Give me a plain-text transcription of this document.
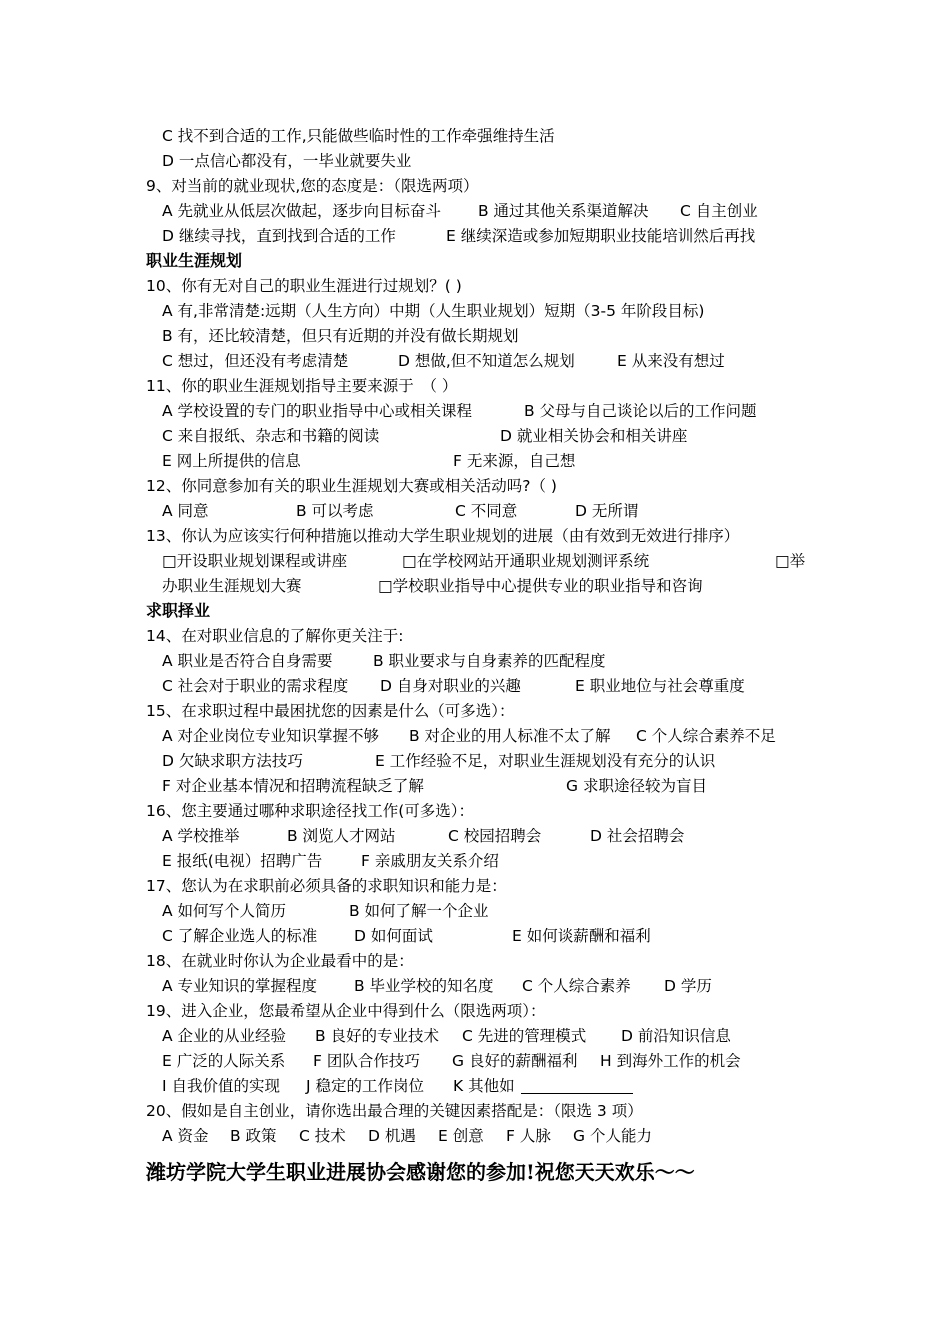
C 找不到合适的工作,只能做些临时性的工作牵强维持生活
D 一点信心都没有，一毕业就要失业
9、对当前的就业现状,您的态度是：（限选两项）
A 先就业从低层次做起，逐步向目标奋斗 B 通过其他关系渠道解决 C 自主创业
D 继续寻找，直到找到合适的工作	E 继续深造或参加短期职业技能培训然后再找
职业生涯规划
10、你有无对自己的职业生涯进行过规划？( )
A 有,非常清楚:远期（人生方向）中期（人生职业规划）短期（3-5 年阶段目标)
B 有，还比较清楚，但只有近期的并没有做长期规划
C 想过，但还没有考虑清楚	D 想做,但不知道怎么规划	E 从来没有想过
11、你的职业生涯规划指导主要来源于　（ ）
A 学校设置的专门的职业指导中心或相关课程	B 父母与自己谈论以后的工作问题
C 来自报纸、杂志和书籍的阅读	D 就业相关协会和相关讲座
E 网上所提供的信息	F 无来源，自己想
12、你同意参加有关的职业生涯规划大赛或相关活动吗?（ )
A 同意	B 可以考虑	C 不同意	D 无所谓
13、你认为应该实行何种措施以推动大学生职业规划的进展（由有效到无效进行排序）
□开设职业规划课程或讲座	□在学校网站开通职业规划测评系统	□举
办职业生涯规划大赛	□学校职业指导中心提供专业的职业指导和咨询
求职择业
14、在对职业信息的了解你更关注于:
A 职业是否符合自身需要	B 职业要求与自身素养的匹配程度
C 社会对于职业的需求程度 D 自身对职业的兴趣	E 职业地位与社会尊重度
15、在求职过程中最困扰您的因素是什么（可多选）：
A 对企业岗位专业知识掌握不够 B 对企业的用人标准不太了解 C 个人综合素养不足
D 欠缺求职方法技巧	E 工作经验不足，对职业生涯规划没有充分的认识
F 对企业基本情况和招聘流程缺乏了解	G 求职途径较为盲目
16、您主要通过哪种求职途径找工作(可多选）：
A 学校推举	B 浏览人才网站	C 校园招聘会	D 社会招聘会
E 报纸(电视）招聘广告 F 亲戚朋友关系介绍
17、您认为在求职前必须具备的求职知识和能力是：
A 如何写个人简历	B 如何了解一个企业
C 了解企业选人的标准 D 如何面试	E 如何谈薪酬和福利
18、在就业时你认为企业最看中的是：
A 专业知识的掌握程度 B 毕业学校的知名度 C 个人综合素养 D 学历
19、进入企业，您最希望从企业中得到什么（限选两项）：
A 企业的从业经验 B 良好的专业技术 C 先进的管理模式 D 前沿知识信息
E 广泛的人际关系 F 团队合作技巧 G 良好的薪酬福利 H 到海外工作的机会
I 自我价值的实现 J 稳定的工作岗位 K 其他如
20、假如是自主创业，请你选出最合理的关键因素搭配是：（限选 3 项）
A 资金 B 政策 C 技术 D 机遇 E 创意 F 人脉 G 个人能力
潍坊学院大学生职业进展协会感谢您的参加!祝您天天欢乐～～
